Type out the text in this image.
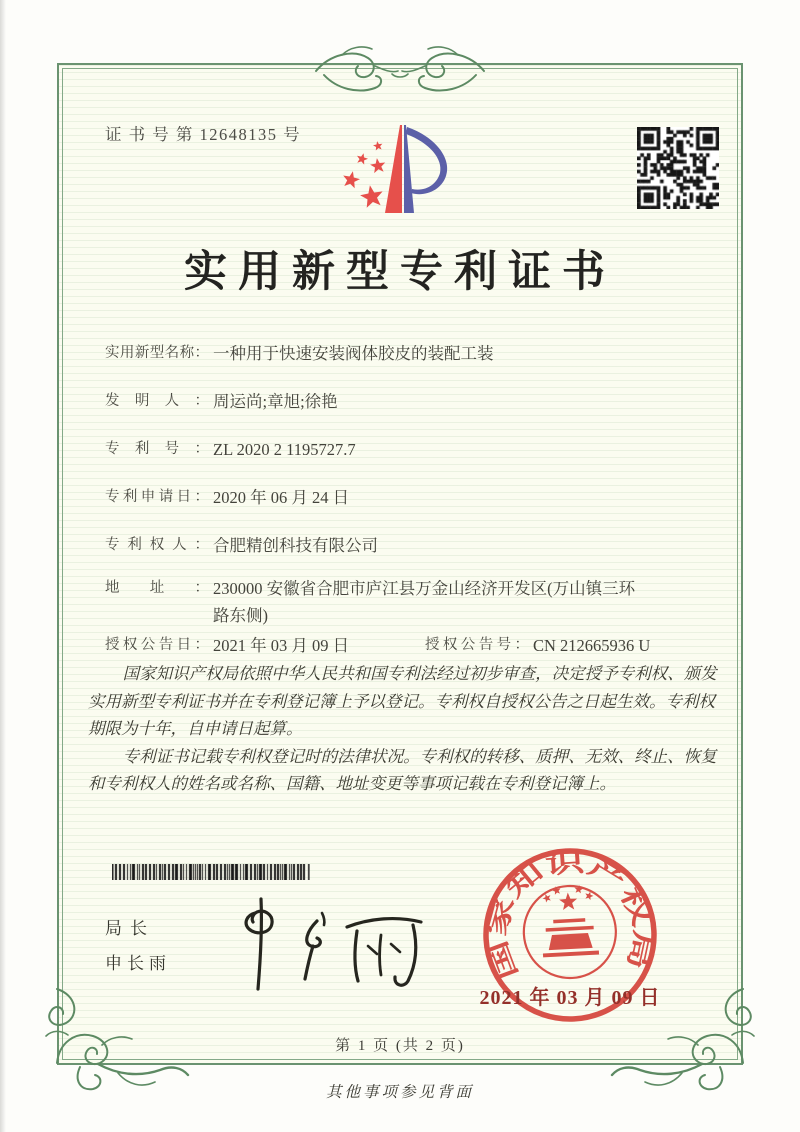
证 书 号 第 12648135 号
实用新型专利证书
实用新型名称： 一种用于快速安装阀体胶皮的装配工装
发明人： 周运尚;章旭;徐艳
专利号： ZL 2020 2 1195727.7
专利申请日： 2020 年 06 月 24 日
专利权人： 合肥精创科技有限公司
地址： 230000 安徽省合肥市庐江县万金山经济开发区(万山镇三环路东侧)
授权公告日： 2021 年 03 月 09 日	授权公告号： CN 212665936 U

国家知识产权局依照中华人民共和国专利法经过初步审查，决定授予专利权、颁发实用新型专利证书并在专利登记簿上予以登记。专利权自授权公告之日起生效。专利权期限为十年，自申请日起算。

专利证书记载专利权登记时的法律状况。专利权的转移、质押、无效、终止、恢复和专利权人的姓名或名称、国籍、地址变更等事项记载在专利登记簿上。

局长
申长雨	国家知识产权局
2021 年 03 月 09 日
第 1 页 (共 2 页)
其他事项参见背面
